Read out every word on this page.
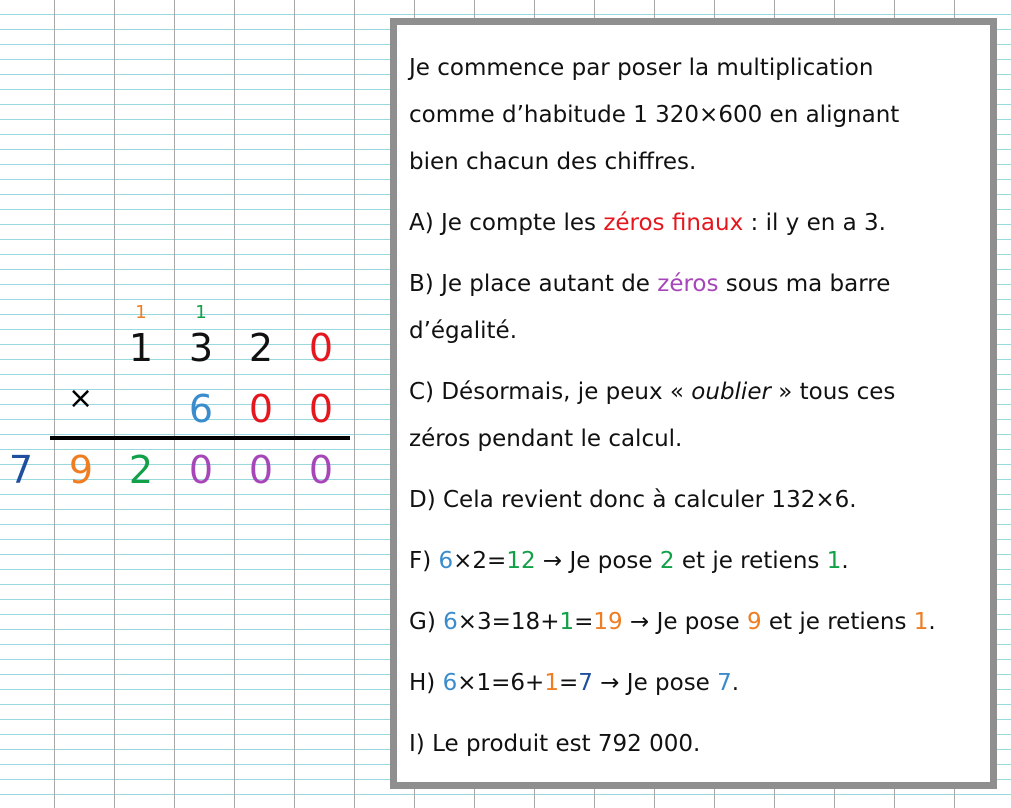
1	1
1 3 2 0
×	6 0 0
7 9 2 0 0 0

Je commence par poser la multiplication
comme d’habitude 1 320×600 en alignant
bien chacun des chiffres.

A) Je compte les zéros finaux : il y en a 3.

B) Je place autant de zéros sous ma barre
d’égalité.

C) Désormais, je peux « oublier » tous ces
zéros pendant le calcul.

D) Cela revient donc à calculer 132×6.

F) 6×2=12 → Je pose 2 et je retiens 1.

G) 6×3=18+1=19 → Je pose 9 et je retiens 1.

H) 6×1=6+1=7 → Je pose 7.

I) Le produit est 792 000.
